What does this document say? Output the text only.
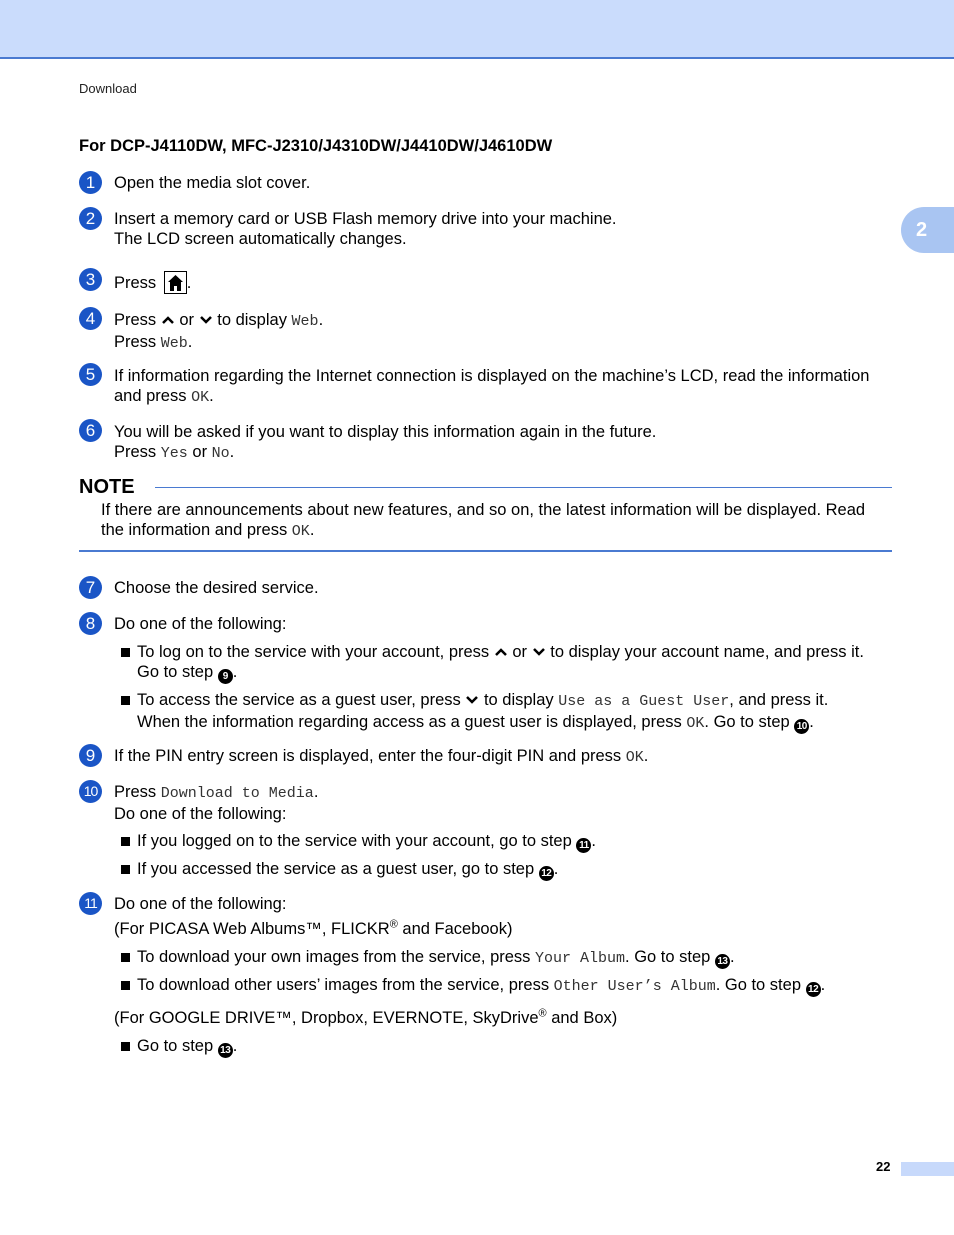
Download
2
For DCP-J4110DW, MFC-J2310/J4310DW/J4410DW/J4610DW
1	Open the media slot cover.
2	Insert a memory card or USB Flash memory drive into your machine.
The LCD screen automatically changes.
3	Press .
4	Press or to display Web.
Press Web.
5	If information regarding the Internet connection is displayed on the machine’s LCD, read the information
and press OK.
6	You will be asked if you want to display this information again in the future.
Press Yes or No.
NOTE
If there are announcements about new features, and so on, the latest information will be displayed. Read
the information and press OK.
7	Choose the desired service.
8	Do one of the following:
To log on to the service with your account, press or to display your account name, and press it.
Go to step 9 .
To access the service as a guest user, press to display Use as a Guest User, and press it.
When the information regarding access as a guest user is displayed, press OK. Go to step 10 .
9	If the PIN entry screen is displayed, enter the four-digit PIN and press OK.
10 Press Download to Media.
Do one of the following:
If you logged on to the service with your account, go to step 11 .
If you accessed the service as a guest user, go to step 12 .
11	Do one of the following:
(For PICASA Web Albums™, FLICKR® and Facebook)
To download your own images from the service, press Your Album. Go to step 13 .
To download other users’ images from the service, press Other User’s Album. Go to step 12 .
(For GOOGLE DRIVE™, Dropbox, EVERNOTE, SkyDrive® and Box)
Go to step 13 .
22
